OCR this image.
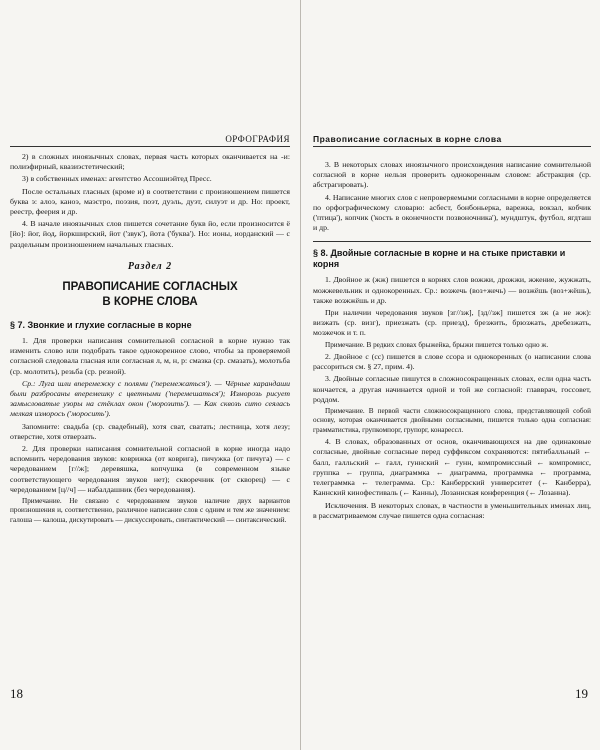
ОРФОГРАФИЯ

2) в сложных иноязычных словах, первая часть которых оканчивается на -и: полиэфирный, квазиэстетический;

3) в собственных именах: агентство Ассошиэйтед Пресс.

После остальных гласных (кроме и) в соответствии с произношением пишется буква э: алоэ, каноэ, маэстро, поэзия, поэт, дуэль, дуэт, силуэт и др. Но: проект, реестр, феерия и др.

4. В начале иноязычных слов пишется сочетание букв йо, если произносится ё [йо]: йог, йод, йоркширский, йот ('звук'), йота ('буква'). Но: ионы, иорданский — с раздельным произношением начальных гласных.

Раздел 2
ПРАВОПИСАНИЕ СОГЛАСНЫХ
В КОРНЕ СЛОВА
§ 7. Звонкие и глухие согласные в корне

1. Для проверки написания сомнительной согласной в корне нужно так изменить слово или подобрать такое однокоренное слово, чтобы за проверяемой согласной следовала гласная или согласная л, м, н, р: смазка (ср. смазать), молотьба (ср. молотить), резьба (ср. резной).

Ср.: Луга шли вперемежку с полями ('перемежаться'). — Чёрные карандаши были разбросаны вперемешку с цветными ('перемешаться'); Изморозь рисует замысловатые узоры на стёклах окон ('морозить'). — Как сквозь сито сеялась мелкая изморось ('моросить').

Запомните: свадьба (ср. свадебный), хотя сват, сватать; лестница, хотя лезу; отверстие, хотя отверзать.

2. Для проверки написания сомнительной согласной в корне иногда надо вспомнить чередования звуков: коврижка (от коврига), пичужка (от пичуга) — с чередованием [г//ж]; деревяшка, копчушка (в современном языке соответствующего чередования звуков нет); скворечник (от скворец) — с чередованием [ц//ч] — набалдашник (без чередования).

Примечание. Не связано с чередованием звуков наличие двух вариантов произношения и, соответственно, различное написание слов с одним и тем же значением: галоша — калоша, дискутировать — дискуссировать, синтактический — синтаксический.

18
Правописание согласных в корне слова

3. В некоторых словах иноязычного происхождения написание сомнительной согласной в корне нельзя проверить однокоренным словом: абстракция (ср. абстрагировать).

4. Написание многих слов с непроверяемыми согласными в корне определяется по орфографическому словарю: асбест, бонбоньерка, варежка, вокзал, кобчик ('птица'), копчик ('кость в оконечности позвоночника'), мундштук, футбол, ягдташ и др.

§ 8. Двойные согласные в корне и на стыке приставки и корня

1. Двойное ж (жж) пишется в корнях слов вожжи, дрожжи, жжение, жужжать, можжевельник и однокоренных. Ср.: возжечь (воз+жечь) — возжёшь (воз+жёшь), также возжжёшь и др.

При наличии чередования звуков [зг//зж], [зд//зж] пишется зж (а не жж): визжать (ср. визг), приезжать (ср. приезд), брезжить, брюзжать, дребезжать, мозжечок и т. п.

Примечание. В редких словах брыжейка, брыжи пишется только одно ж.

2. Двойное с (сс) пишется в слове ссора и однокоренных (о написании слова рассориться см. § 27, прим. 4).

3. Двойные согласные пишутся в сложносокращенных словах, если одна часть кончается, а другая начинается одной и той же согласной: главврач, госсовет, роддом.

Примечание. В первой части сложносокращенного слова, представляющей собой основу, которая оканчивается двойными согласными, пишется только одна согласная: грамматистика, групкомпорг, групорг, конарессл.

4. В словах, образованных от основ, оканчивающихся на две одинаковые согласные, двойные согласные перед суффиксом сохраняются: пятибалльный ← балл, галльский ← галл, гуннский ← гунн, компромиссный ← компромисс, группка ← группа, диаграммка ← диаграмма, программка ← программа, телеграммка ← телеграмма. Ср.: Канберрский университет (← Канберра), Каннский кинофестиваль (← Канны), Лозаннская конференция (← Лозанна).

Исключения. В некоторых словах, в частности в уменьшительных именах лиц, в рассматриваемом случае пишется одна согласная:

19
